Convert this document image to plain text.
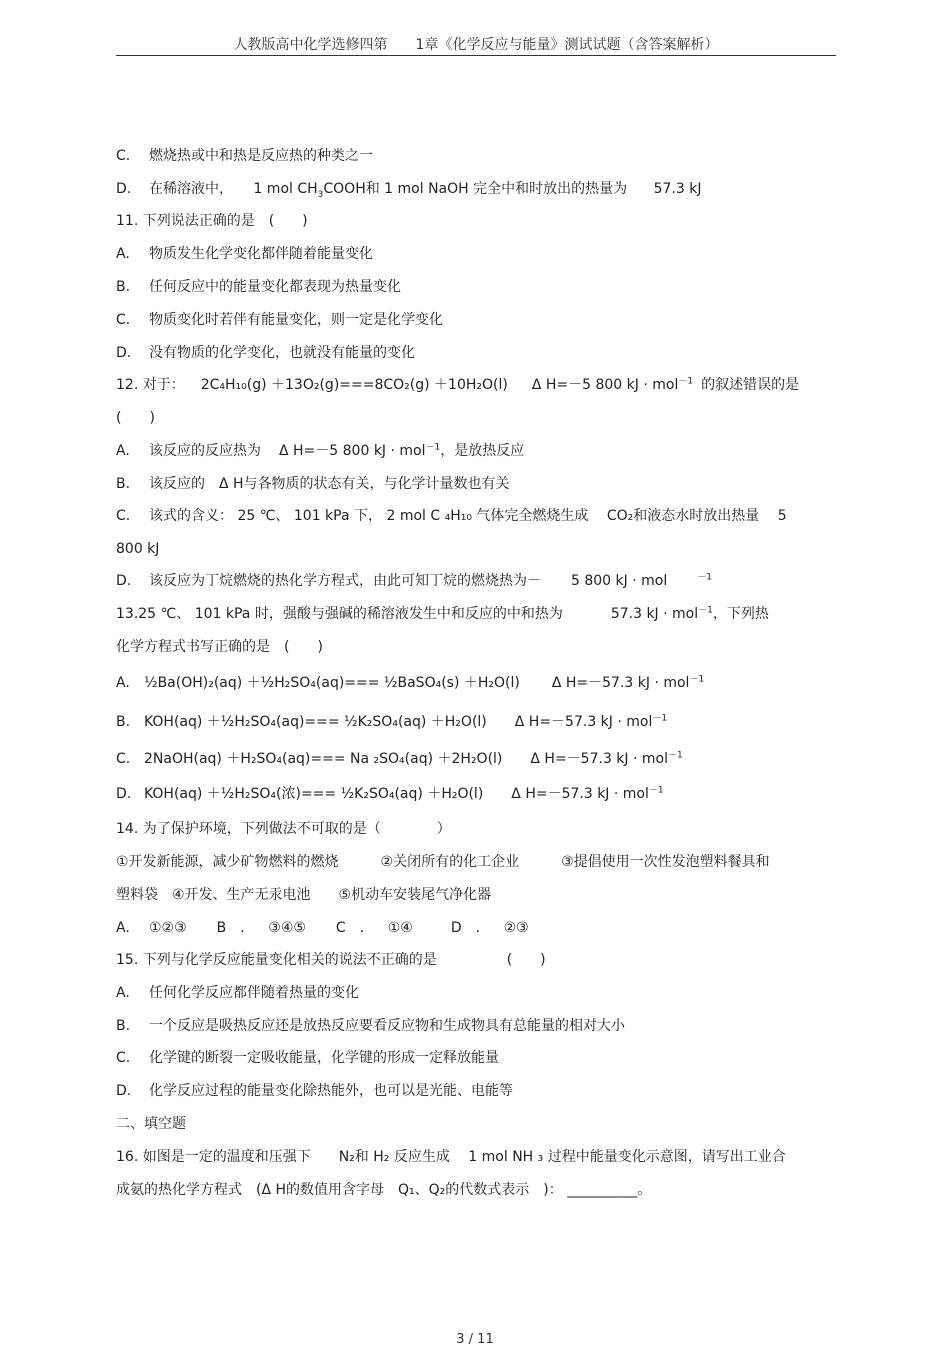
人教版高中化学选修四第　　1章《化学反应与能量》测试试题（含答案解析）
C. 燃烧热或中和热是反应热的种类之一
D. 在稀溶液中， 1 mol $CH_3COOH$和 1 mol NaOH 完全中和时放出的热量为 57.3 kJ
11. 下列说法正确的是　(　　)
A. 物质发生化学变化都伴随着能量变化
B. 任何反应中的能量变化都表现为热量变化
C. 物质变化时若伴有能量变化，则一定是化学变化
D. 没有物质的化学变化，也就没有能量的变化
12. 对于： 2C₄H₁₀(g) ＋13O₂(g)===8CO₂(g) ＋10H₂O(l) Δ H=－5 800 kJ · mol$^{-1}$ 的叙述错误的是
(　　)
A. 该反应的反应热为 Δ H=－5 800 kJ · mol$^{-1}$，是放热反应
B. 该反应的　Δ H与各物质的状态有关，与化学计量数也有关
C. 该式的含义： 25 ℃、 101 kPa 下， 2 mol C ₄H₁₀ 气体完全燃烧生成　 CO₂和液态水时放出热量　 5
800 kJ
D. 该反应为丁烷燃烧的热化学方程式，由此可知丁烷的燃烧热为－ 5 800 kJ · mol	$^{-1}$
13.25 ℃、 101 kPa 时，强酸与强碱的稀溶液发生中和反应的中和热为	57.3 kJ · mol$^{-1}$，下列热
化学方程式书写正确的是　(　　)
A. ½Ba(OH)₂(aq) ＋½H₂SO₄(aq)=== ½BaSO₄(s) ＋H₂O(l) Δ H=－57.3 kJ · mol$^{-1}$
B. KOH(aq) ＋½H₂SO₄(aq)=== ½K₂SO₄(aq) ＋H₂O(l) Δ H=－57.3 kJ · mol$^{-1}$
C. 2NaOH(aq) ＋H₂SO₄(aq)=== Na ₂SO₄(aq) ＋2H₂O(l) Δ H=－57.3 kJ · mol$^{-1}$
D. KOH(aq) ＋½H₂SO₄(浓)=== ½K₂SO₄(aq) ＋H₂O(l) Δ H=－57.3 kJ · mol$^{-1}$
14. 为了保护环境，下列做法不可取的是（　　　　）
①开发新能源，减少矿物燃料的燃烧　　　②关闭所有的化工企业　　　③提倡使用一次性发泡塑料餐具和
塑料袋　④开发、生产无汞电池　　⑤机动车安装尾气净化器
A. ①②③ B　． ③④⑤ C　． ①④	D　． ②③
15. 下列与化学反应能量变化相关的说法不正确的是　　　　　(　　)
A. 任何化学反应都伴随着热量的变化
B. 一个反应是吸热反应还是放热反应要看反应物和生成物具有总能量的相对大小
C. 化学键的断裂一定吸收能量，化学键的形成一定释放能量
D. 化学反应过程的能量变化除热能外，也可以是光能、电能等
二、填空题
16. 如图是一定的温度和压强下　　N₂和 H₂ 反应生成　 1 mol NH ₃ 过程中能量变化示意图，请写出工业合
成氨的热化学方程式　(Δ H的数值用含字母　Q₁、Q₂的代数式表示　)： __________。
3 / 11
